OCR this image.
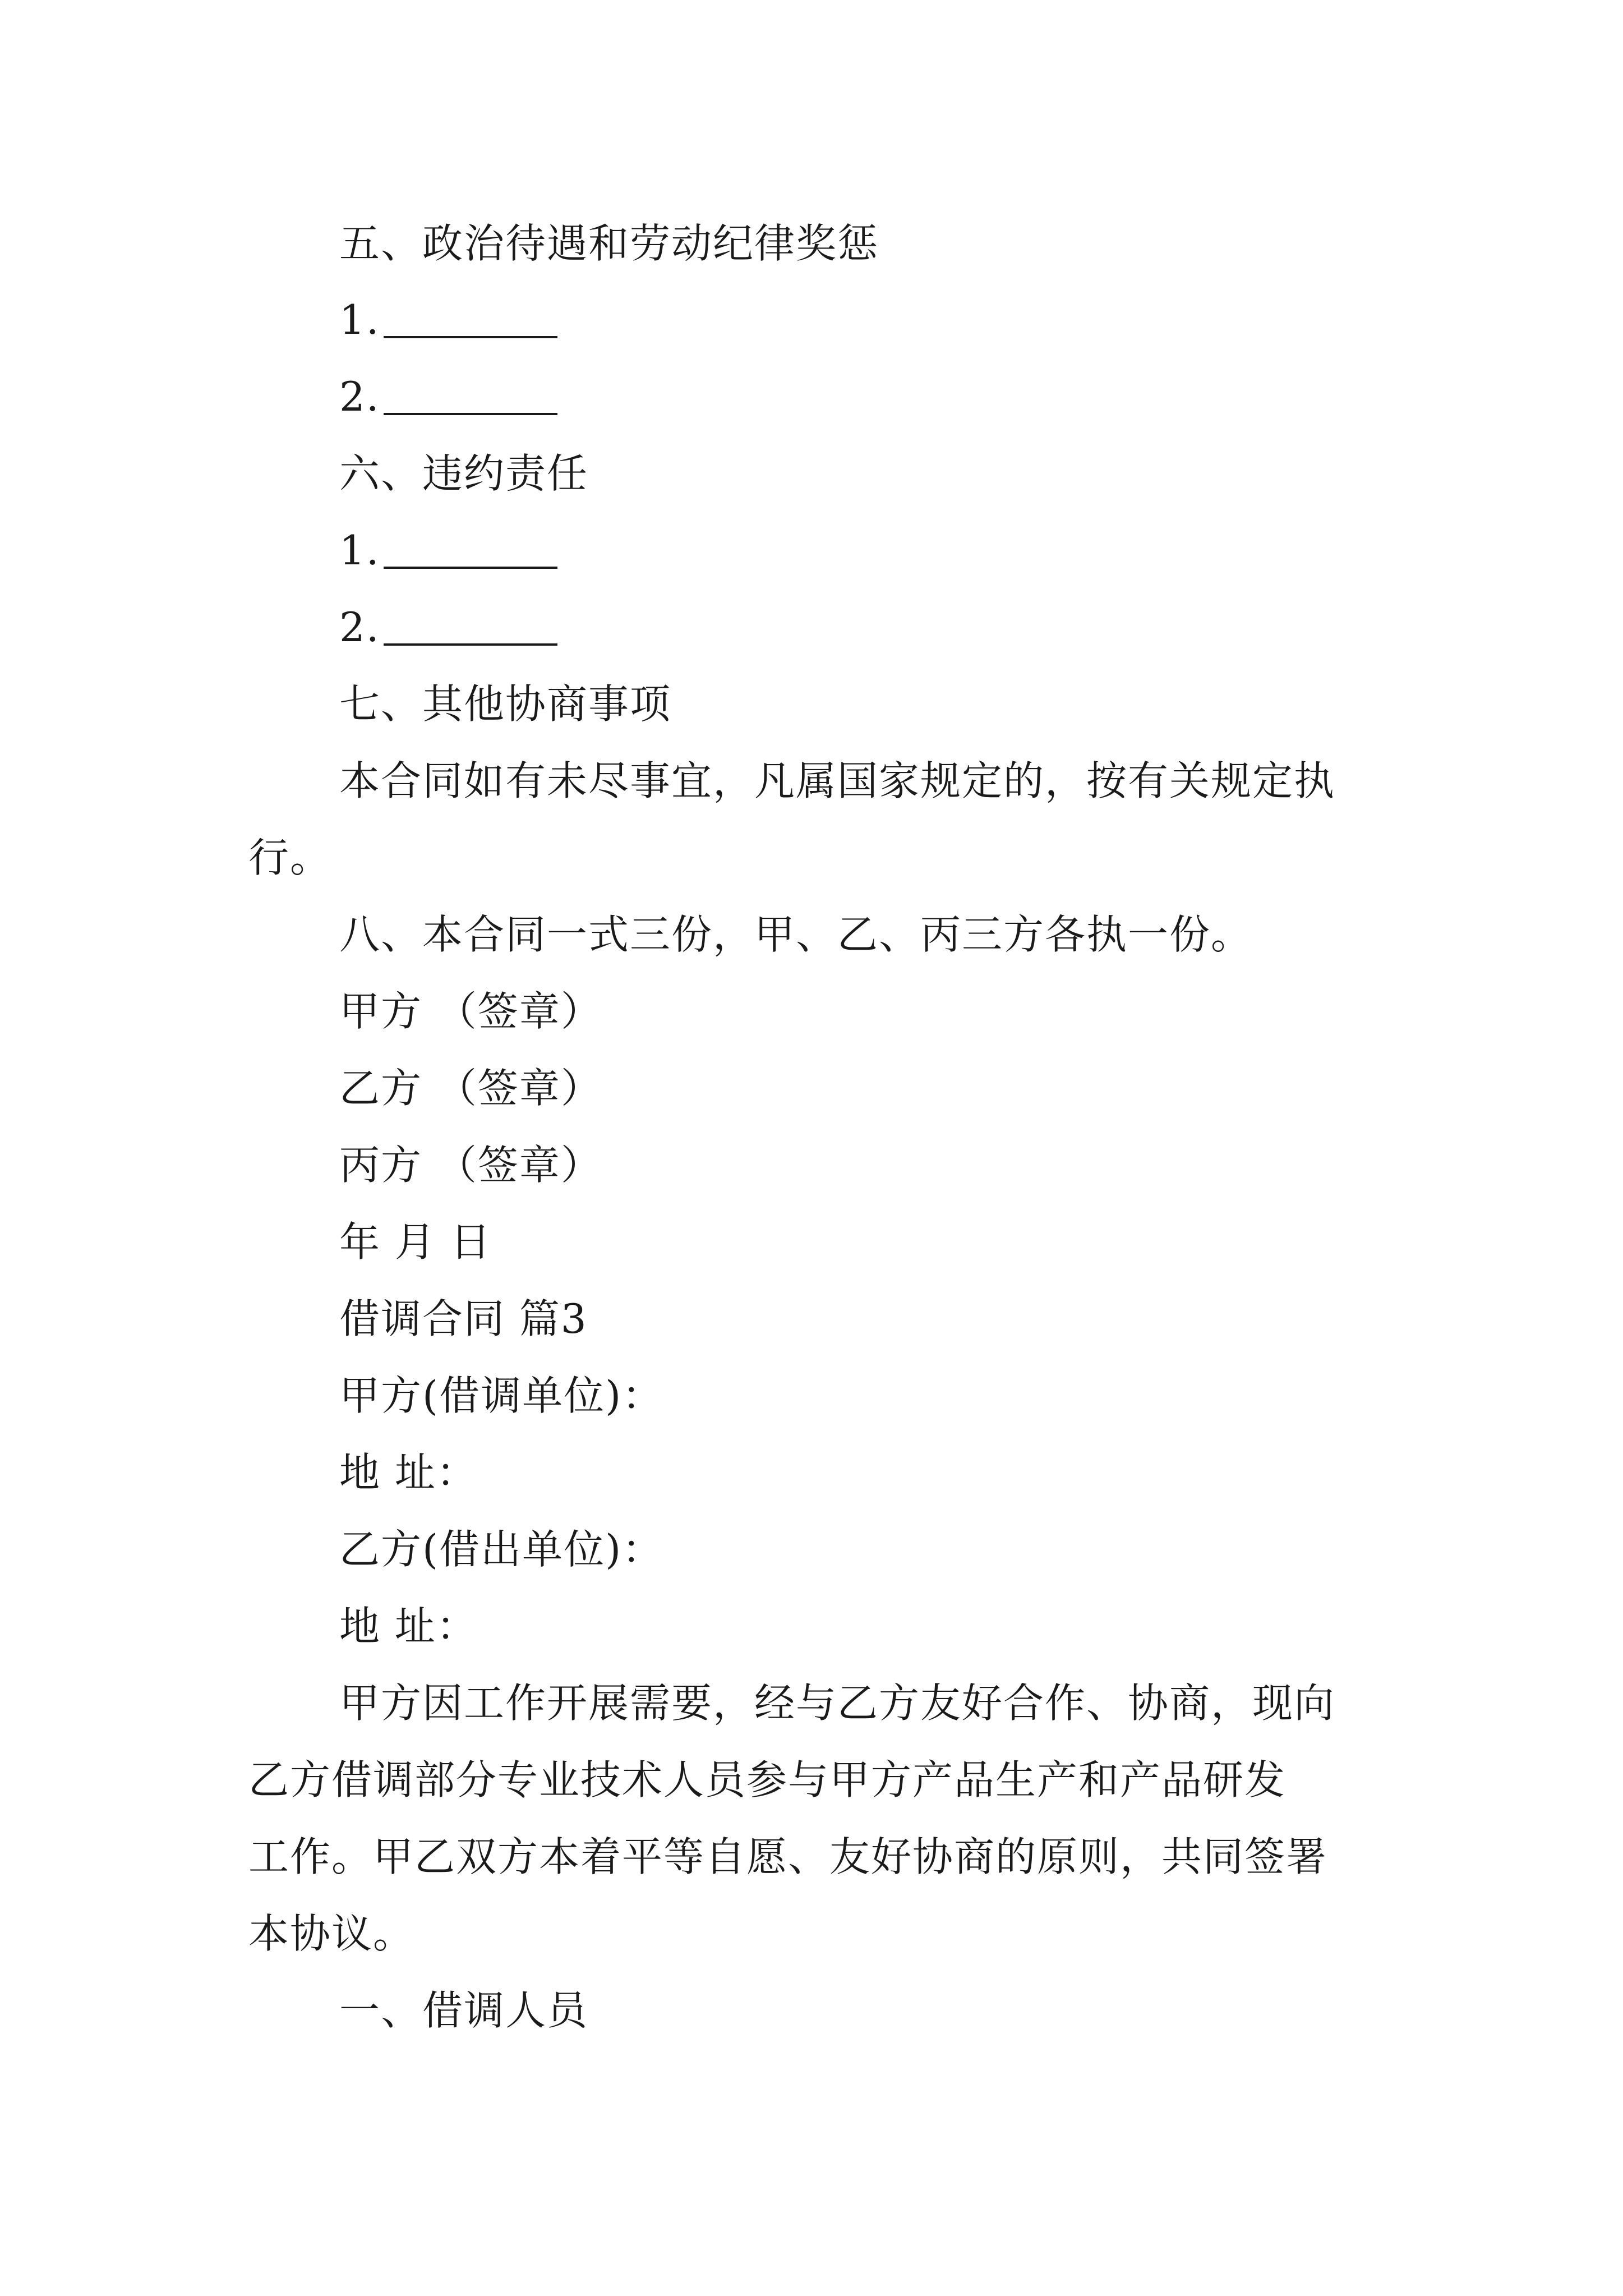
五、政治待遇和劳动纪律奖惩
1.
2.
六、违约责任
1.
2.
七、其他协商事项
本合同如有未尽事宜，凡属国家规定的，按有关规定执
行。
八、本合同一式三份，甲、乙、丙三方各执一份。
甲方 （签章）
乙方 （签章）
丙方 （签章）
年 月 日
借调合同 篇3
甲方(借调单位)：
地 址：
乙方(借出单位)：
地 址：
甲方因工作开展需要，经与乙方友好合作、协商，现向
乙方借调部分专业技术人员参与甲方产品生产和产品研发
工作。甲乙双方本着平等自愿、友好协商的原则，共同签署
本协议。
一、借调人员
